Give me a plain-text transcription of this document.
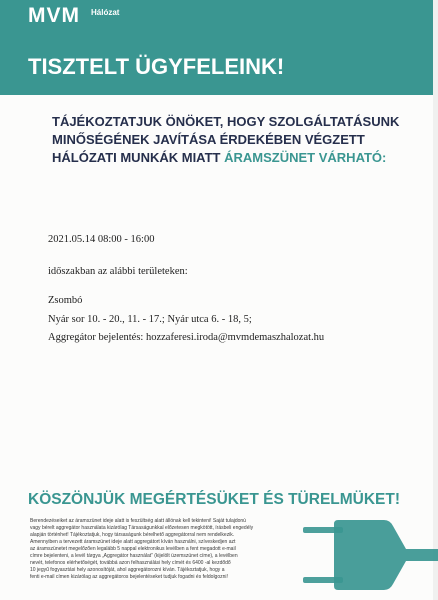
MVM Hálózat
TISZTELT ÜGYFELEINK!
TÁJÉKOZTATJUK ÖNÖKET, HOGY SZOLGÁLTATÁSUNK
MINŐSÉGÉNEK JAVÍTÁSA ÉRDEKÉBEN VÉGZETT
HÁLÓZATI MUNKÁK MIATT ÁRAMSZÜNET VÁRHATÓ:
2021.05.14 08:00 - 16:00
időszakban az alábbi területeken:
Zsombó
Nyár sor 10. - 20., 11. - 17.; Nyár utca 6. - 18, 5;
Aggregátor bejelentés: hozzaferesi.iroda@mvmdemaszhalozat.hu
KÖSZÖNJÜK MEGÉRTÉSÜKET ÉS TÜRELMÜKET!
Berendezéseiket az áramszünet ideje alatt is feszültség alatt állónak kell tekinteni! Saját tulajdonú
vagy bérelt aggregátor használata kizárólag Társaságunkkal előzetesen megkötött, írásbeli engedély
alapján történhet! Tájékoztatjuk, hogy társaságunk bérelhető aggregátorral nem rendelkezik.
Amennyiben a tervezett áramszünet ideje alatt aggregátort kíván használni, szíveskedjen azt
az áramszünetet megelőzően legalább 5 nappal elektronikus levélben a fent megadott e-mail
címre bejelenteni, a levél tárgya „Aggregátor használat” (kijelölt üzemszünet címe), a levélben
nevét, telefonos elérhetőségét, továbbá azon felhasználási hely címét és 6400 -al kezdődő
10 jegyű fogyasztási hely azonosítóját, ahol aggregátorozni kíván. Tájékoztatjuk, hogy a
fenti e-mail címen kizárólag az aggregátoros bejelentéseket tudjuk fogadni és feldolgozni!
